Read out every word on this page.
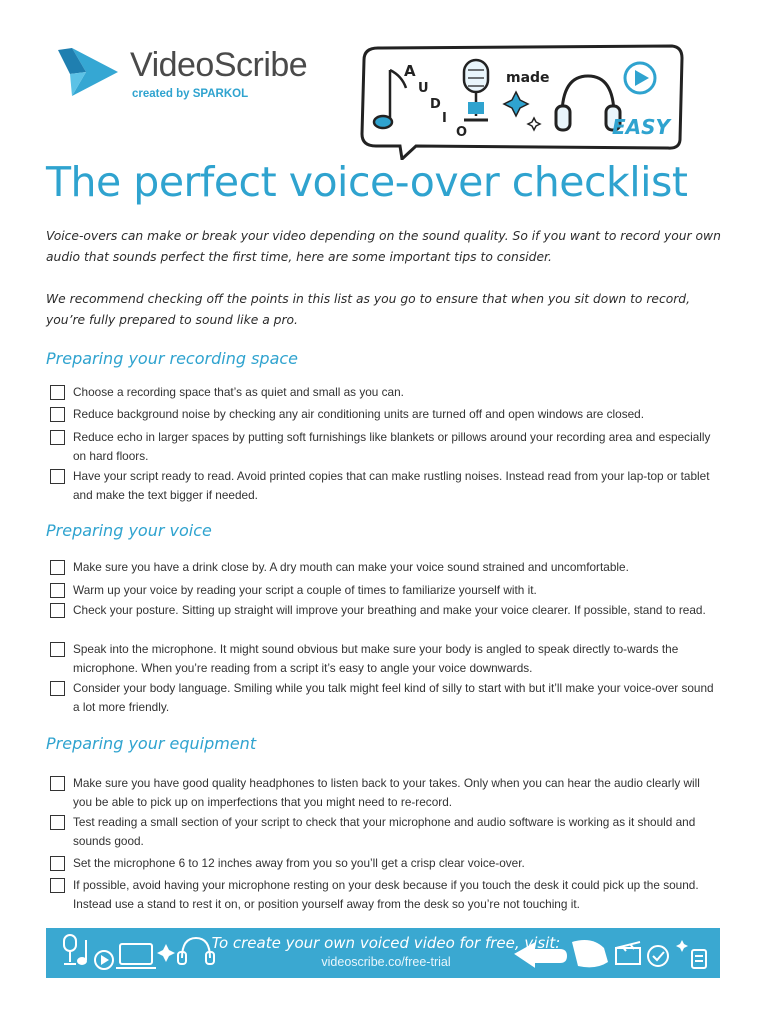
VideoScribe
created by SPARKOL
A
U
D
I
O
made
EASY
The perfect voice-over checklist

Voice-overs can make or break your video depending on the sound quality. So if you want to record your own audio that sounds perfect the first time, here are some important tips to consider.

We recommend checking off the points in this list as you go to ensure that when you sit down to record, you’re fully prepared to sound like a pro.

Preparing your recording space
Choose a recording space that’s as quiet and small as you can.
Reduce background noise by checking any air conditioning units are turned off and open windows are closed.
Reduce echo in larger spaces by putting soft furnishings like blankets or pillows around your recording area and especially on hard floors.
Have your script ready to read. Avoid printed copies that can make rustling noises. Instead read from your lap-top or tablet and make the text bigger if needed.
Preparing your voice
Make sure you have a drink close by. A dry mouth can make your voice sound strained and uncomfortable.
Warm up your voice by reading your script a couple of times to familiarize yourself with it.
Check your posture. Sitting up straight will improve your breathing and make your voice clearer. If possible, stand to read.
Speak into the microphone. It might sound obvious but make sure your body is angled to speak directly to-wards the microphone. When you’re reading from a script it’s easy to angle your voice downwards.
Consider your body language. Smiling while you talk might feel kind of silly to start with but it’ll make your voice-over sound a lot more friendly.
Preparing your equipment
Make sure you have good quality headphones to listen back to your takes. Only when you can hear the audio clearly will you be able to pick up on imperfections that you might need to re-record.
Test reading a small section of your script to check that your microphone and audio software is working as it should and sounds good.
Set the microphone 6 to 12 inches away from you so you’ll get a crisp clear voice-over.
If possible, avoid having your microphone resting on your desk because if you touch the desk it could pick up the sound. Instead use a stand to rest it on, or position yourself away from the desk so you’re not touching it.
To create your own voiced video for free, visit:
videoscribe.co/free-trial
